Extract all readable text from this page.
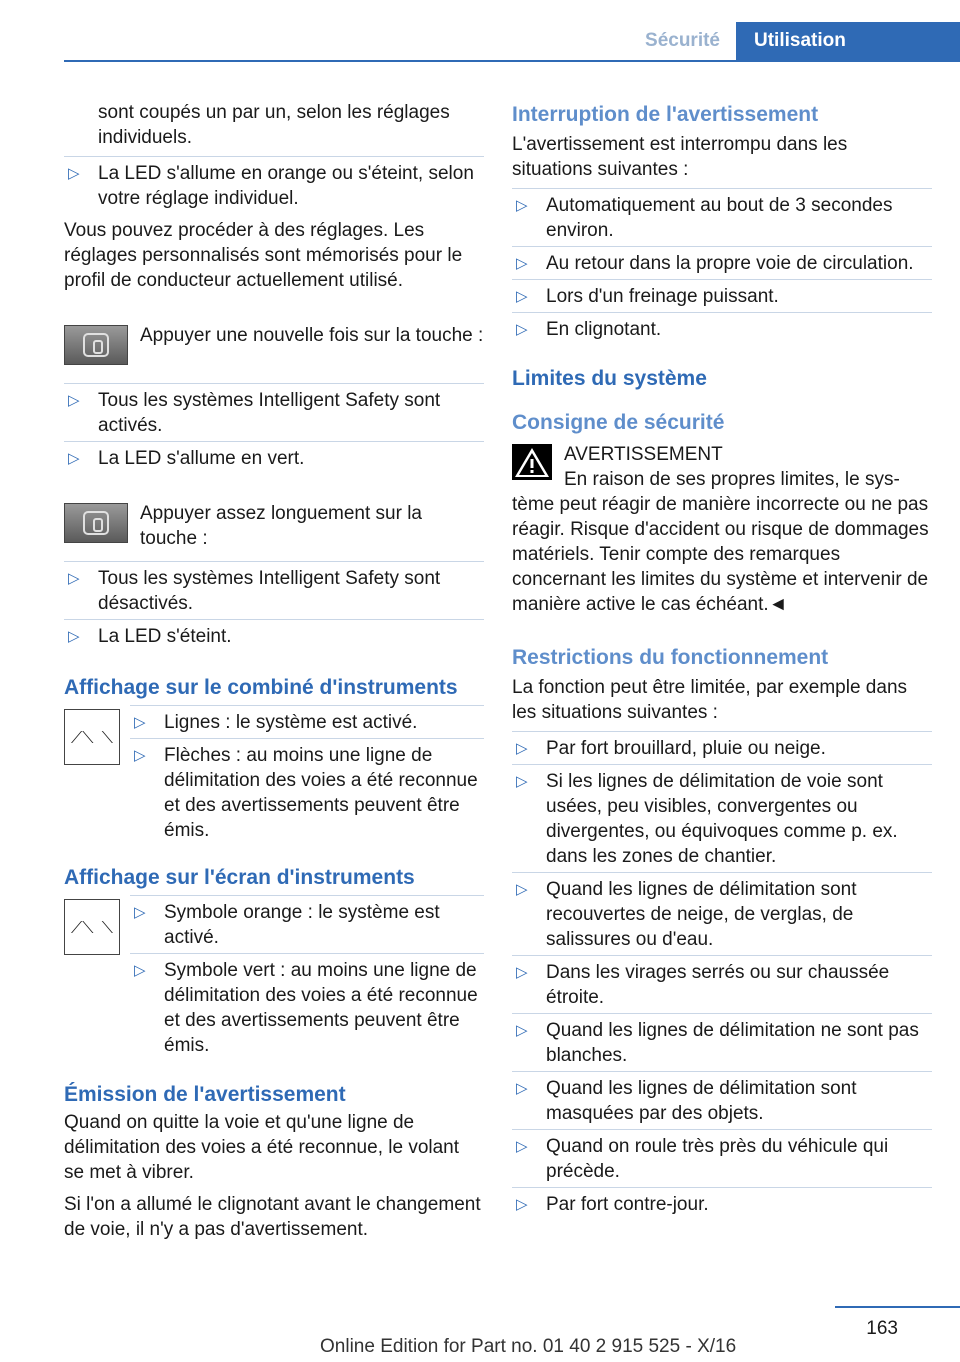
Sécurité	Utilisation

sont coupés un par un, selon les réglages individuels.

▷ La LED s'allume en orange ou s'éteint, selon votre réglage individuel.

Vous pouvez procéder à des réglages. Les réglages personnalisés sont mémorisés pour le profil de conducteur actuellement utilisé.

Appuyer une nouvelle fois sur la touche :

▷ Tous les systèmes Intelligent Safety sont activés.
▷ La LED s'allume en vert.

Appuyer assez longuement sur la touche :

▷ Tous les systèmes Intelligent Safety sont désactivés.
▷ La LED s'éteint.
Affichage sur le combiné d'instruments
⟋⟍ ⟍
▷ Lignes : le système est activé.
▷ Flèches : au moins une ligne de délimitation des voies a été reconnue et des avertissements peuvent être émis.
Affichage sur l'écran d'instruments
⟋⟍ ⟍
▷ Symbole orange : le système est activé.
▷ Symbole vert : au moins une ligne de délimitation des voies a été reconnue et des avertissements peuvent être émis.
Émission de l'avertissement

Quand on quitte la voie et qu'une ligne de délimitation des voies a été reconnue, le volant se met à vibrer.

Si l'on a allumé le clignotant avant le changement de voie, il n'y a pas d'avertissement.

Interruption de l'avertissement

L'avertissement est interrompu dans les situations suivantes :

▷ Automatiquement au bout de 3 secondes environ.
▷ Au retour dans la propre voie de circulation.
▷ Lors d'un freinage puissant.
▷ En clignotant.
Limites du système
Consigne de sécurité
AVERTISSEMENT
En raison de ses propres limites, le sys-

tème peut réagir de manière incorrecte ou ne pas réagir. Risque d'accident ou risque de dommages matériels. Tenir compte des remarques concernant les limites du système et intervenir de manière active le cas échéant.◄

Restrictions du fonctionnement

La fonction peut être limitée, par exemple dans les situations suivantes :

▷ Par fort brouillard, pluie ou neige.
▷ Si les lignes de délimitation de voie sont usées, peu visibles, convergentes ou divergentes, ou équivoques comme p. ex. dans les zones de chantier.
▷ Quand les lignes de délimitation sont recouvertes de neige, de verglas, de salissures ou d'eau.
▷ Dans les virages serrés ou sur chaussée étroite.
▷ Quand les lignes de délimitation ne sont pas blanches.
▷ Quand les lignes de délimitation sont masquées par des objets.
▷ Quand on roule très près du véhicule qui précède.
▷ Par fort contre-jour.
163
Online Edition for Part no. 01 40 2 915 525 - X/16
